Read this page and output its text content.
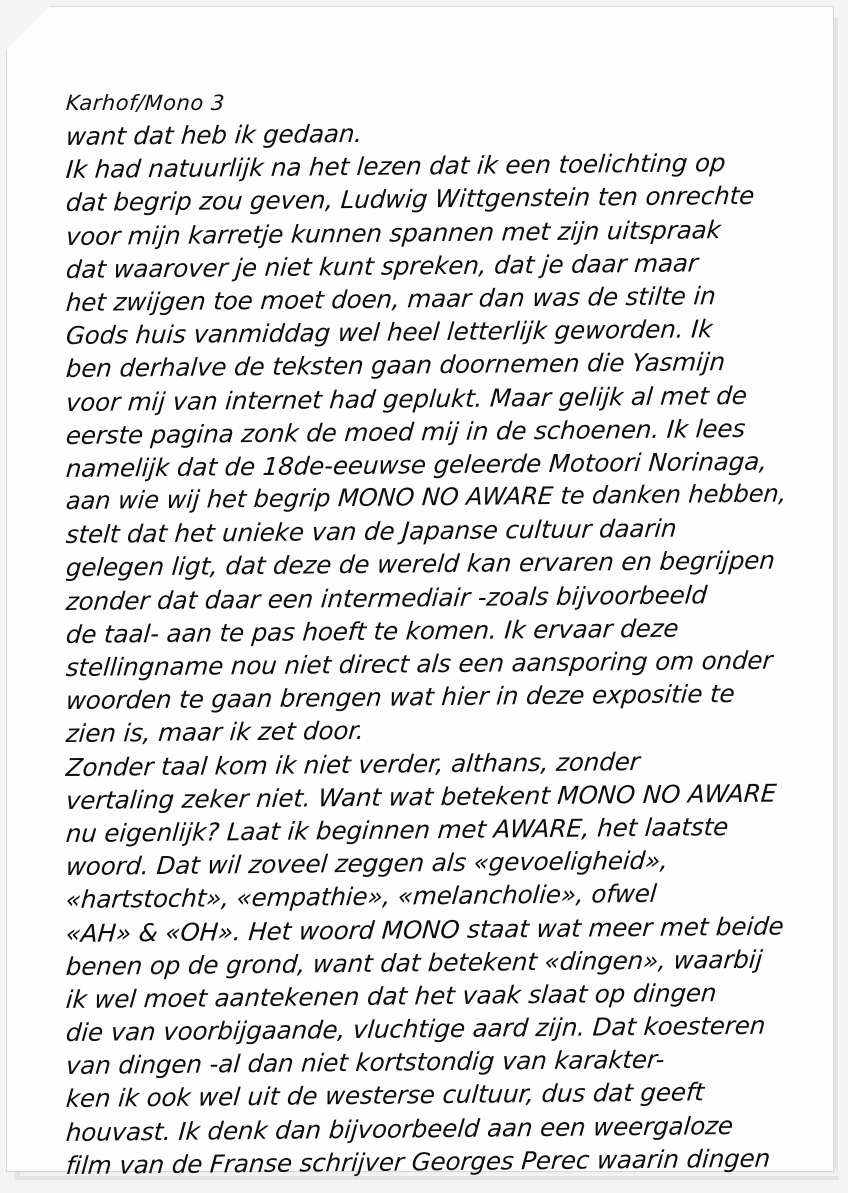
Karhof/Mono 3
want dat heb ik gedaan.
Ik had natuurlijk na het lezen dat ik een toelichting op
dat begrip zou geven, Ludwig Wittgenstein ten onrechte
voor mijn karretje kunnen spannen met zijn uitspraak
dat waarover je niet kunt spreken, dat je daar maar
het zwijgen toe moet doen, maar dan was de stilte in
Gods huis vanmiddag wel heel letterlijk geworden. Ik
ben derhalve de teksten gaan doornemen die Yasmijn
voor mij van internet had geplukt. Maar gelijk al met de
eerste pagina zonk de moed mij in de schoenen. Ik lees
namelijk dat de 18de-eeuwse geleerde Motoori Norinaga,
aan wie wij het begrip MONO NO AWARE te danken hebben,
stelt dat het unieke van de Japanse cultuur daarin
gelegen ligt, dat deze de wereld kan ervaren en begrijpen
zonder dat daar een intermediair -zoals bijvoorbeeld
de taal- aan te pas hoeft te komen. Ik ervaar deze
stellingname nou niet direct als een aansporing om onder
woorden te gaan brengen wat hier in deze expositie te
zien is, maar ik zet door.
Zonder taal kom ik niet verder, althans, zonder
vertaling zeker niet. Want wat betekent MONO NO AWARE
nu eigenlijk? Laat ik beginnen met AWARE, het laatste
woord. Dat wil zoveel zeggen als «gevoeligheid»,
«hartstocht», «empathie», «melancholie», ofwel
«AH» & «OH». Het woord MONO staat wat meer met beide
benen op de grond, want dat betekent «dingen», waarbij
ik wel moet aantekenen dat het vaak slaat op dingen
die van voorbijgaande, vluchtige aard zijn. Dat koesteren
van dingen -al dan niet kortstondig van karakter-
ken ik ook wel uit de westerse cultuur, dus dat geeft
houvast. Ik denk dan bijvoorbeeld aan een weergaloze
film van de Franse schrijver Georges Perec waarin dingen
